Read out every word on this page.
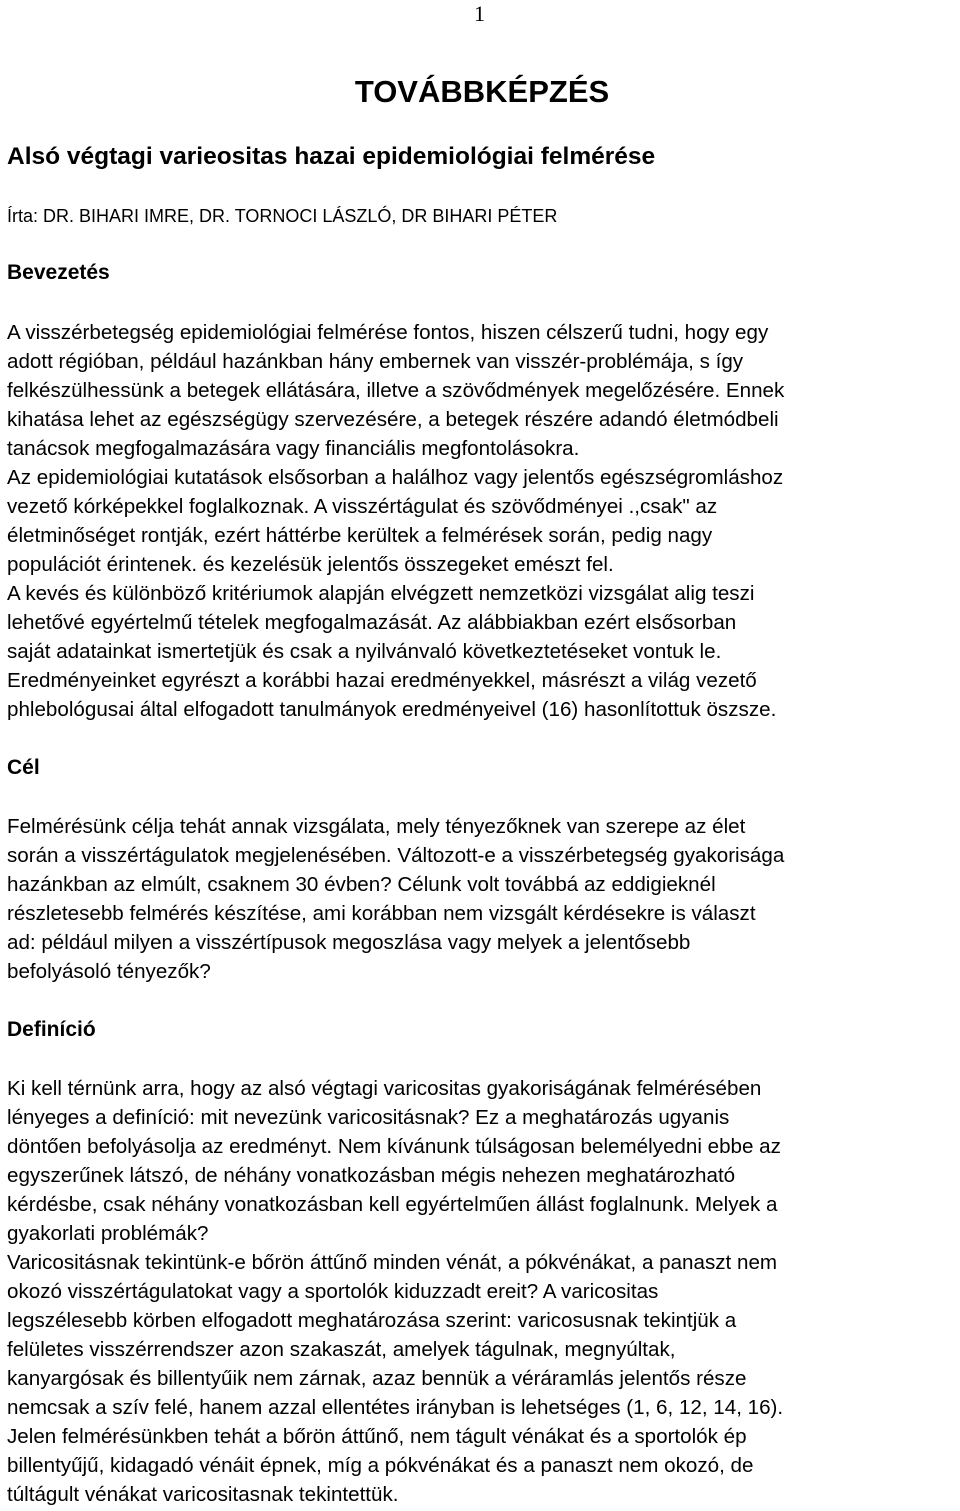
1
TOVÁBBKÉPZÉS
Alsó végtagi varieositas hazai epidemiológiai felmérése
Írta: DR. BIHARI IMRE, DR. TORNOCI LÁSZLÓ, DR BIHARI PÉTER
Bevezetés

A visszérbetegség epidemiológiai felmérése fontos, hiszen célszerű tudni, hogy egy
adott régióban, például hazánkban hány embernek van visszér-problémája, s így
felkészülhessünk a betegek ellátására, illetve a szövődmények megelőzésére. Ennek
kihatása lehet az egészségügy szervezésére, a betegek részére adandó életmódbeli
tanácsok megfogalmazására vagy financiális megfontolásokra.

Az epidemiológiai kutatások elsősorban a halálhoz vagy jelentős egészségromláshoz
vezető kórképekkel foglalkoznak. A visszértágulat és szövődményei .,csak" az
életminőséget rontják, ezért háttérbe kerültek a felmérések során, pedig nagy
populációt érintenek. és kezelésük jelentős összegeket emészt fel.

A kevés és különböző kritériumok alapján elvégzett nemzetközi vizsgálat alig teszi
lehetővé egyértelmű tételek megfogalmazását. Az alábbiakban ezért elsősorban
saját adatainkat ismertetjük és csak a nyilvánvaló következtetéseket vontuk le.

Eredményeinket egyrészt a korábbi hazai eredményekkel, másrészt a világ vezető
phlebológusai által elfogadott tanulmányok eredményeivel (16) hasonlítottuk öszsze.

Cél

Felmérésünk célja tehát annak vizsgálata, mely tényezőknek van szerepe az élet
során a visszértágulatok megjelenésében. Változott-e a visszérbetegség gyakorisága
hazánkban az elmúlt, csaknem 30 évben? Célunk volt továbbá az eddigieknél
részletesebb felmérés készítése, ami korábban nem vizsgált kérdésekre is választ
ad: például milyen a visszértípusok megoszlása vagy melyek a jelentősebb
befolyásoló tényezők?

Definíció

Ki kell térnünk arra, hogy az alsó végtagi varicositas gyakoriságának felmérésében
lényeges a definíció: mit nevezünk varicositásnak? Ez a meghatározás ugyanis
döntően befolyásolja az eredményt. Nem kívánunk túlságosan belemélyedni ebbe az
egyszerűnek látszó, de néhány vonatkozásban mégis nehezen meghatározható
kérdésbe, csak néhány vonatkozásban kell egyértelműen állást foglalnunk. Melyek a
gyakorlati problémák?

Varicositásnak tekintünk-e bőrön áttűnő minden vénát, a pókvénákat, a panaszt nem
okozó visszértágulatokat vagy a sportolók kiduzzadt ereit? A varicositas
legszélesebb körben elfogadott meghatározása szerint: varicosusnak tekintjük a
felületes visszérrendszer azon szakaszát, amelyek tágulnak, megnyúltak,
kanyargósak és billentyűik nem zárnak, azaz bennük a véráramlás jelentős része
nemcsak a szív felé, hanem azzal ellentétes irányban is lehetséges (1, 6, 12, 14, 16).

Jelen felmérésünkben tehát a bőrön áttűnő, nem tágult vénákat és a sportolók ép
billentyűjű, kidagadó vénáit épnek, míg a pókvénákat és a panaszt nem okozó, de
túltágult vénákat varicositasnak tekintettük.
